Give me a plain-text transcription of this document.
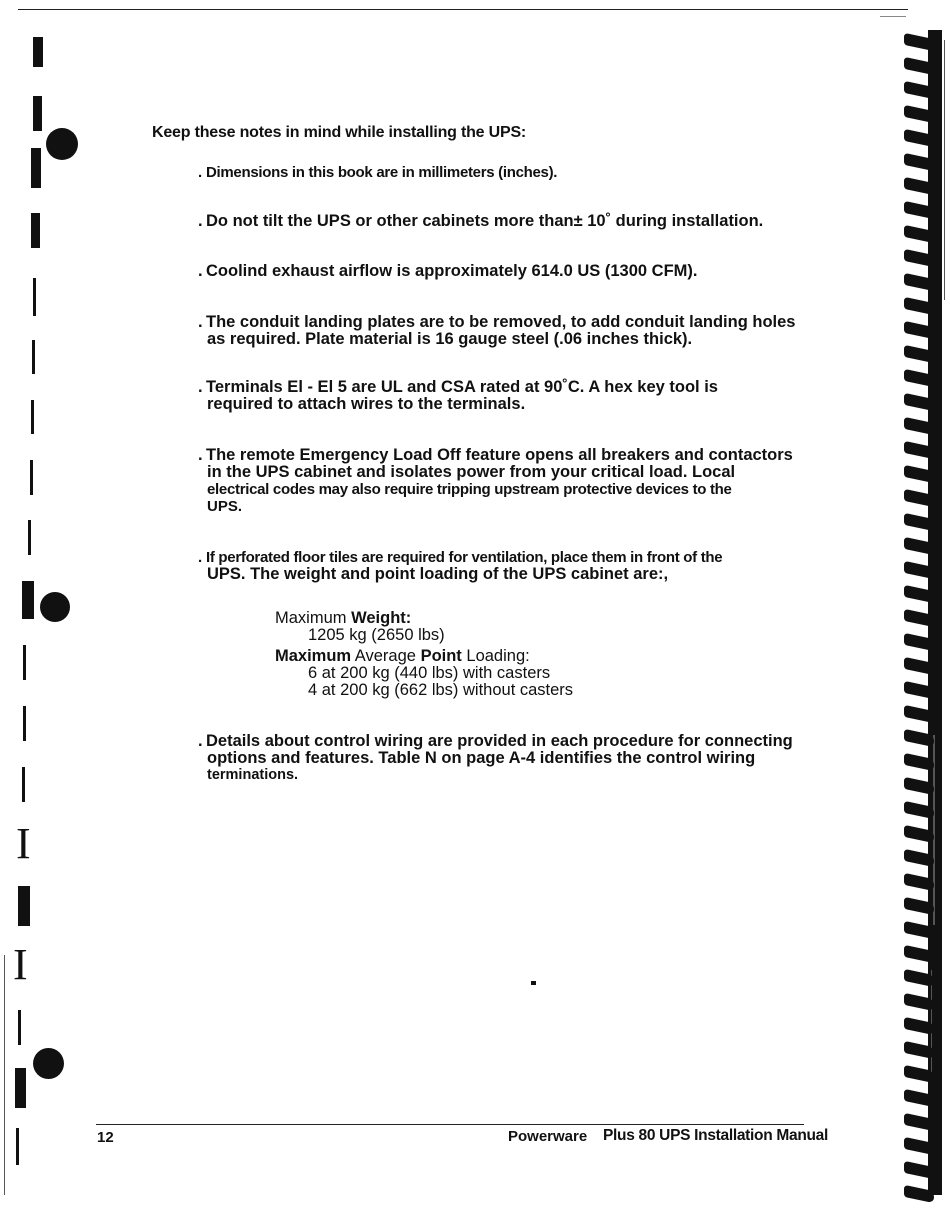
I
I
Keep these notes in mind while installing the UPS:
. Dimensions in this book are in millimeters (inches).
. Do not tilt the UPS or other cabinets more than± 10˚ during installation.
. Coolind exhaust airflow is approximately 614.0 US (1300 CFM).
. The conduit landing plates are to be removed, to add conduit landing holes
as required. Plate material is 16 gauge steel (.06 inches thick).
. Terminals El - El 5 are UL and CSA rated at 90˚C. A hex key tool is
required to attach wires to the terminals.
. The remote Emergency Load Off feature opens all breakers and contactors
in the UPS cabinet and isolates power from your critical load. Local
electrical codes may also require tripping upstream protective devices to the
UPS.
. If perforated floor tiles are required for ventilation, place them in front of the
UPS. The weight and point loading of the UPS cabinet are:,
Maximum Weight:
1205 kg (2650 lbs)
Maximum Average Point Loading:
6 at 200 kg (440 lbs) with casters
4 at 200 kg (662 lbs) without casters
. Details about control wiring are provided in each procedure for connecting
options and features. Table N on page A-4 identifies the control wiring
terminations.
12	Powerware Plus 80 UPS Installation Manual
